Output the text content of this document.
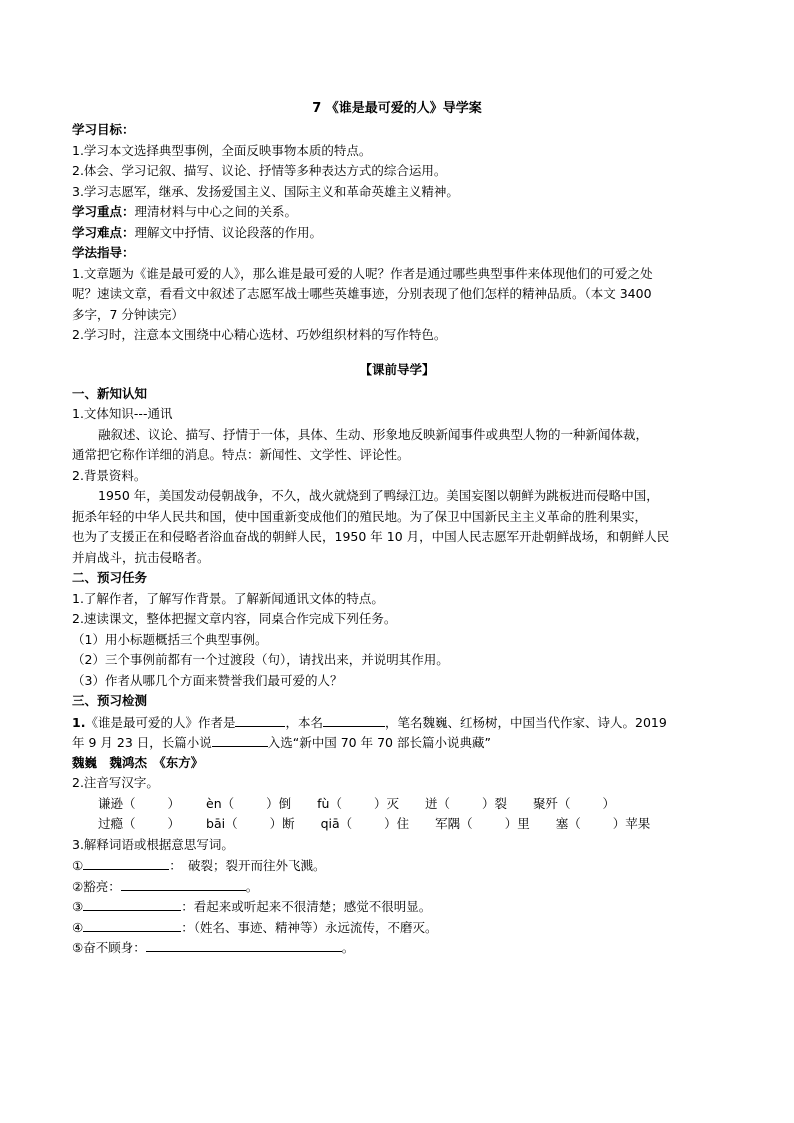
7 《谁是最可爱的人》导学案
学习目标：
1.学习本文选择典型事例，全面反映事物本质的特点。
2.体会、学习记叙、描写、议论、抒情等多种表达方式的综合运用。
3.学习志愿军，继承、发扬爱国主义、国际主义和革命英雄主义精神。
学习重点：理清材料与中心之间的关系。
学习难点：理解文中抒情、议论段落的作用。
学法指导：
1.文章题为《谁是最可爱的人》，那么谁是最可爱的人呢？作者是通过哪些典型事件来体现他们的可爱之处
呢？速读文章，看看文中叙述了志愿军战士哪些英雄事迹，分别表现了他们怎样的精神品质。（本文 3400
多字，7 分钟读完）
2.学习时，注意本文围绕中心精心选材、巧妙组织材料的写作特色。
【课前导学】
一、新知认知
1.文体知识---通讯
融叙述、议论、描写、抒情于一体，具体、生动、形象地反映新闻事件或典型人物的一种新闻体裁，
通常把它称作详细的消息。特点：新闻性、文学性、评论性。
2.背景资料。
1950 年，美国发动侵朝战争，不久，战火就烧到了鸭绿江边。美国妄图以朝鲜为跳板进而侵略中国，
扼杀年轻的中华人民共和国，使中国重新变成他们的殖民地。为了保卫中国新民主主义革命的胜利果实，
也为了支援正在和侵略者浴血奋战的朝鲜人民，1950 年 10 月，中国人民志愿军开赴朝鲜战场，和朝鲜人民
并肩战斗，抗击侵略者。
二、预习任务
1.了解作者，了解写作背景。了解新闻通讯文体的特点。
2.速读课文，整体把握文章内容，同桌合作完成下列任务。
（1）用小标题概括三个典型事例。
（2）三个事例前都有一个过渡段（句），请找出来，并说明其作用。
（3）作者从哪几个方面来赞誉我们最可爱的人？
三、预习检测
1.《谁是最可爱的人》作者是	，本名	，笔名魏巍、红杨树，中国当代作家、诗人。2019
年 9 月 23 日，长篇小说	入选“新中国 70 年 70 部长篇小说典藏”
魏巍　魏鸿杰　《东方》
2.注音写汉字。
谦逊（	） èn（	）倒 fù（	）灭 迸（	）裂 聚歼（	）
过瘾（	） bāi（	）断 qiā（	）住 军隅（	）里 塞（	）苹果
3.解释词语或根据意思写词。
①	：　破裂；裂开而往外飞溅。
②豁亮：	。
③	：看起来或听起来不很清楚；感觉不很明显。
④	：（姓名、事迹、精神等）永远流传，不磨灭。
⑤奋不顾身：	。
